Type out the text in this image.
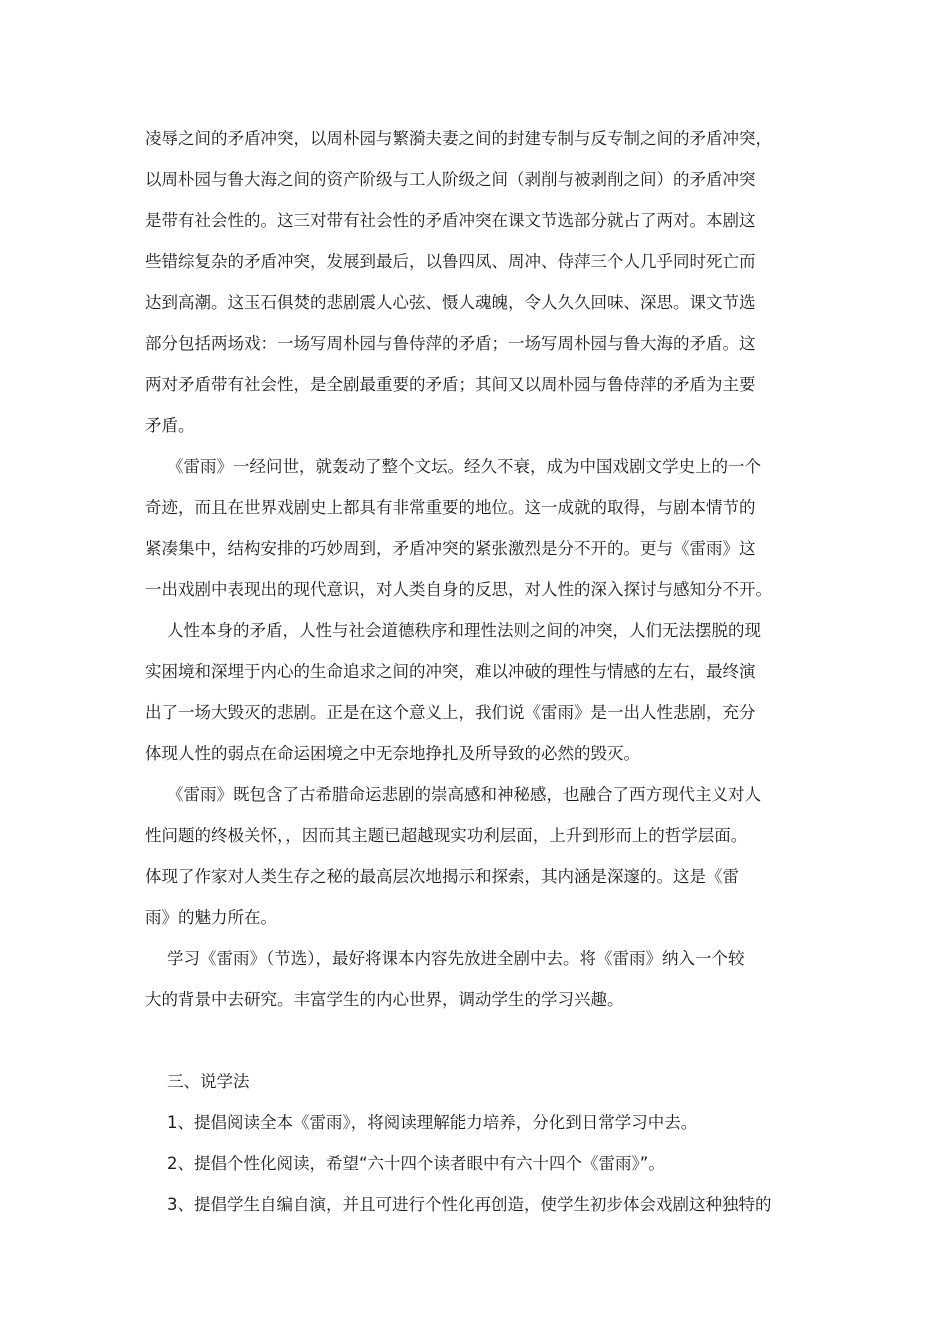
凌辱之间的矛盾冲突，以周朴园与繁漪夫妻之间的封建专制与反专制之间的矛盾冲突，
以周朴园与鲁大海之间的资产阶级与工人阶级之间（剥削与被剥削之间）的矛盾冲突
是带有社会性的。这三对带有社会性的矛盾冲突在课文节选部分就占了两对。本剧这
些错综复杂的矛盾冲突，发展到最后，以鲁四凤、周冲、侍萍三个人几乎同时死亡而
达到高潮。这玉石俱焚的悲剧震人心弦、慑人魂魄，令人久久回味、深思。课文节选
部分包括两场戏：一场写周朴园与鲁侍萍的矛盾；一场写周朴园与鲁大海的矛盾。这
两对矛盾带有社会性，是全剧最重要的矛盾；其间又以周朴园与鲁侍萍的矛盾为主要
矛盾。
《雷雨》一经问世，就轰动了整个文坛。经久不衰，成为中国戏剧文学史上的一个
奇迹，而且在世界戏剧史上都具有非常重要的地位。这一成就的取得，与剧本情节的
紧凑集中，结构安排的巧妙周到，矛盾冲突的紧张激烈是分不开的。更与《雷雨》这
一出戏剧中表现出的现代意识，对人类自身的反思，对人性的深入探讨与感知分不开。
人性本身的矛盾，人性与社会道德秩序和理性法则之间的冲突，人们无法摆脱的现
实困境和深埋于内心的生命追求之间的冲突，难以冲破的理性与情感的左右，最终演
出了一场大毁灭的悲剧。正是在这个意义上，我们说《雷雨》是一出人性悲剧，充分
体现人性的弱点在命运困境之中无奈地挣扎及所导致的必然的毁灭。
《雷雨》既包含了古希腊命运悲剧的崇高感和神秘感，也融合了西方现代主义对人
性问题的终极关怀，，因而其主题已超越现实功利层面，上升到形而上的哲学层面。
体现了作家对人类生存之秘的最高层次地揭示和探索，其内涵是深邃的。这是《雷
雨》的魅力所在。
学习《雷雨》（节选），最好将课本内容先放进全剧中去。将《雷雨》纳入一个较
大的背景中去研究。丰富学生的内心世界，调动学生的学习兴趣。
三、说学法
1、提倡阅读全本《雷雨》，将阅读理解能力培养，分化到日常学习中去。
2、提倡个性化阅读，希望“六十四个读者眼中有六十四个《雷雨》”。
3、提倡学生自编自演，并且可进行个性化再创造，使学生初步体会戏剧这种独特的
